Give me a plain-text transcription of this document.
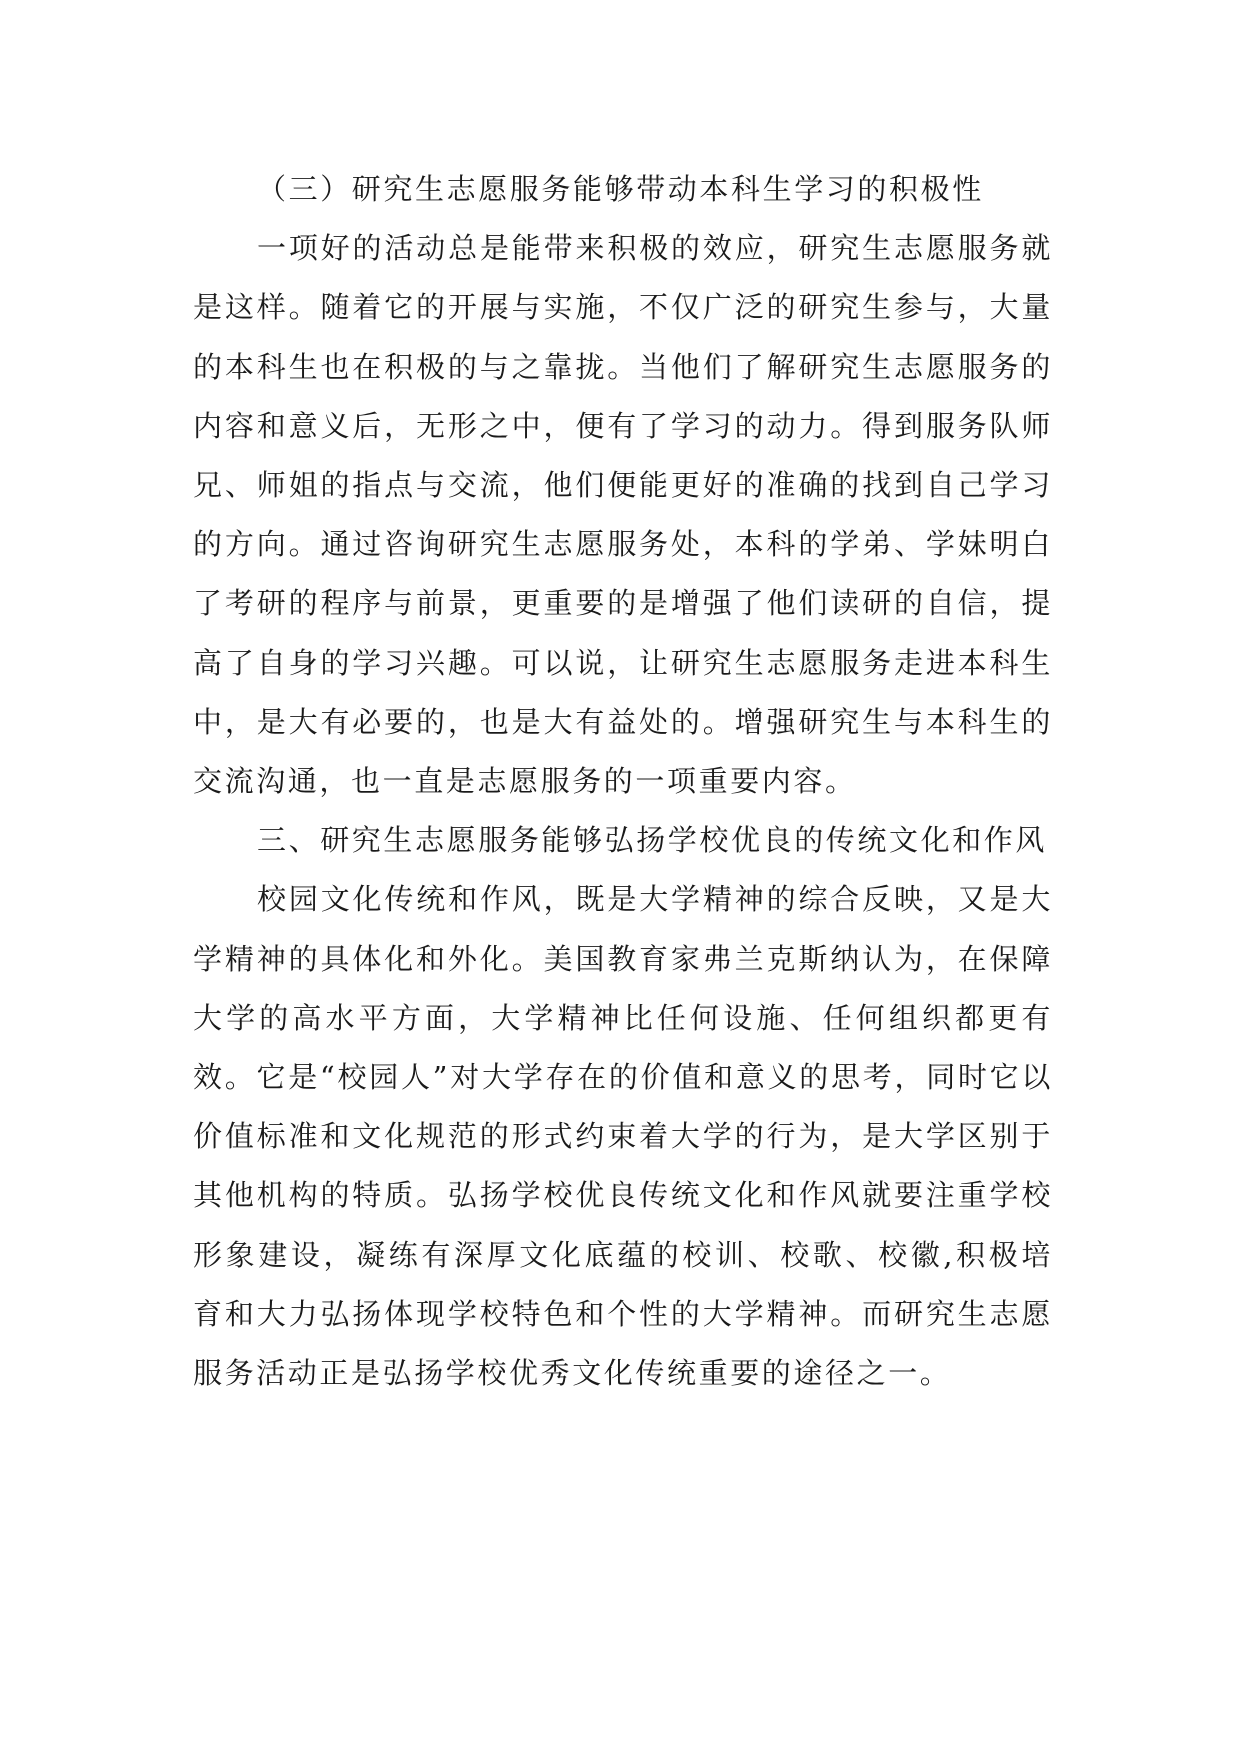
（三）研究生志愿服务能够带动本科生学习的积极性

一项好的活动总是能带来积极的效应，研究生志愿服务就是这样。随着它的开展与实施，不仅广泛的研究生参与，大量的本科生也在积极的与之靠拢。当他们了解研究生志愿服务的内容和意义后，无形之中，便有了学习的动力。得到服务队师兄、师姐的指点与交流，他们便能更好的准确的找到自己学习的方向。通过咨询研究生志愿服务处，本科的学弟、学妹明白了考研的程序与前景，更重要的是增强了他们读研的自信，提高了自身的学习兴趣。可以说，让研究生志愿服务走进本科生中，是大有必要的，也是大有益处的。增强研究生与本科生的交流沟通，也一直是志愿服务的一项重要内容。

三、研究生志愿服务能够弘扬学校优良的传统文化和作风

校园文化传统和作风，既是大学精神的综合反映，又是大学精神的具体化和外化。美国教育家弗兰克斯纳认为，在保障大学的高水平方面，大学精神比任何设施、任何组织都更有效。它是“校园人”对大学存在的价值和意义的思考，同时它以价值标准和文化规范的形式约束着大学的行为，是大学区别于其他机构的特质。弘扬学校优良传统文化和作风就要注重学校形象建设，凝练有深厚文化底蕴的校训、校歌、校徽,积极培育和大力弘扬体现学校特色和个性的大学精神。而研究生志愿服务活动正是弘扬学校优秀文化传统重要的途径之一。
